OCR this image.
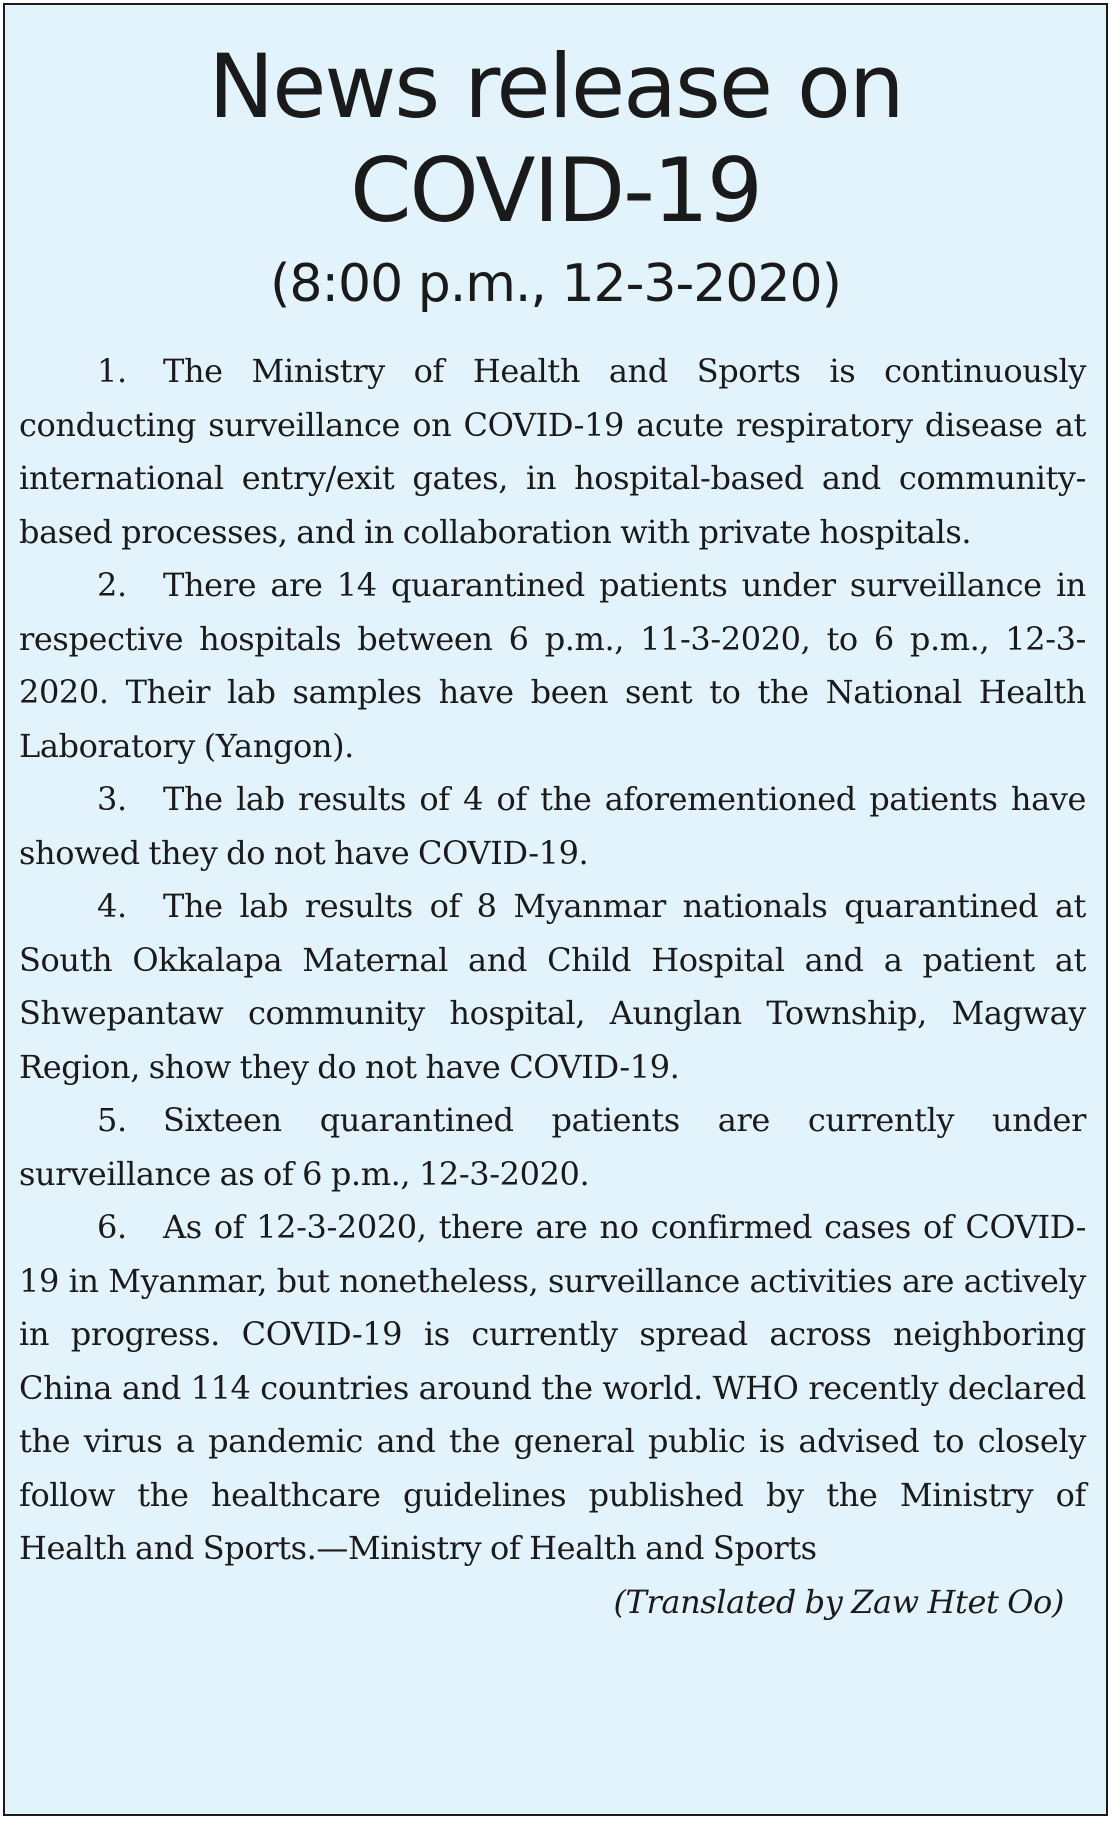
News release on
COVID-19
(8:00 p.m., 12-3-2020)

1. The Ministry of Health and Sports is continuously conducting surveillance on COVID-19 acute respiratory disease at international entry/exit gates, in hospital-based and community-based processes, and in collaboration with private hospitals.

2. There are 14 quarantined patients under surveillance in respective hospitals between 6 p.m., 11-3-2020, to 6 p.m., 12-3-2020. Their lab samples have been sent to the National Health Laboratory (Yangon).

3. The lab results of 4 of the aforementioned patients have showed they do not have COVID-19.

4. The lab results of 8 Myanmar nationals quarantined at South Okkalapa Maternal and Child Hospital and a patient at Shwepantaw community hospital, Aunglan Township, Magway Region, show they do not have COVID-19.

5. Sixteen quarantined patients are currently under surveillance as of 6 p.m., 12-3-2020.

6. As of 12-3-2020, there are no confirmed cases of COVID-19 in Myanmar, but nonetheless, surveillance activities are actively in progress. COVID-19 is currently spread across neighboring China and 114 countries around the world. WHO recently declared the virus a pandemic and the general public is advised to closely follow the healthcare guidelines published by the Ministry of Health and Sports.—Ministry of Health and Sports

(Translated by Zaw Htet Oo)
